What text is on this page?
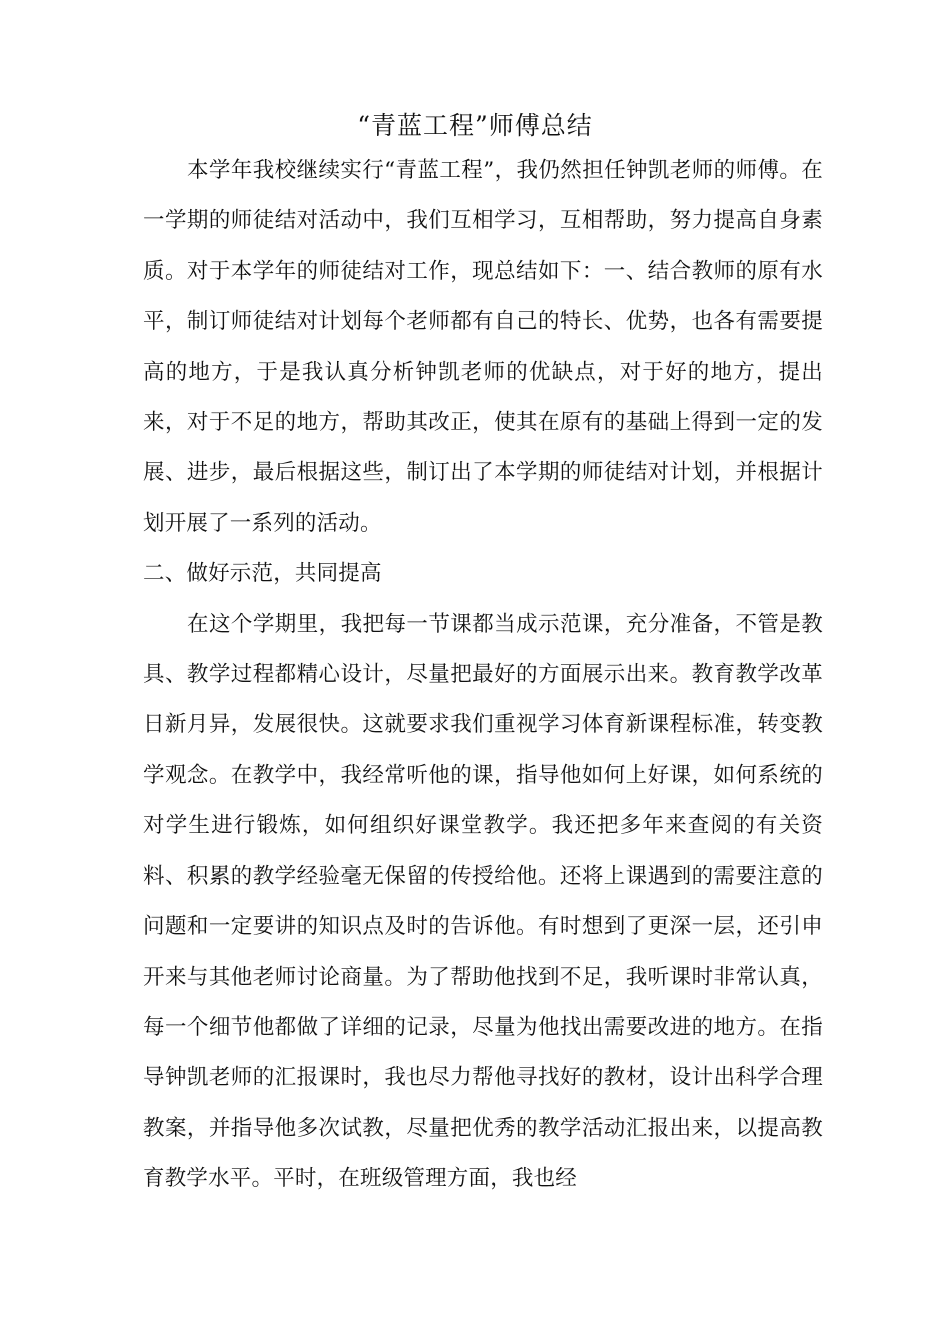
“青蓝工程”师傅总结

本学年我校继续实行“青蓝工程”，我仍然担任钟凯老师的师傅。在一学期的师徒结对活动中，我们互相学习，互相帮助，努力提高自身素质。对于本学年的师徒结对工作，现总结如下：一、结合教师的原有水平，制订师徒结对计划每个老师都有自己的特长、优势，也各有需要提高的地方，于是我认真分析钟凯老师的优缺点，对于好的地方，提出来，对于不足的地方，帮助其改正，使其在原有的基础上得到一定的发展、进步，最后根据这些，制订出了本学期的师徒结对计划，并根据计划开展了一系列的活动。

二、做好示范，共同提高

在这个学期里，我把每一节课都当成示范课，充分准备，不管是教具、教学过程都精心设计，尽量把最好的方面展示出来。教育教学改革日新月异，发展很快。这就要求我们重视学习体育新课程标准，转变教学观念。在教学中，我经常听他的课，指导他如何上好课，如何系统的对学生进行锻炼，如何组织好课堂教学。我还把多年来查阅的有关资料、积累的教学经验毫无保留的传授给他。还将上课遇到的需要注意的问题和一定要讲的知识点及时的告诉他。有时想到了更深一层，还引申开来与其他老师讨论商量。为了帮助他找到不足，我听课时非常认真，每一个细节他都做了详细的记录，尽量为他找出需要改进的地方。在指导钟凯老师的汇报课时，我也尽力帮他寻找好的教材，设计出科学合理教案，并指导他多次试教，尽量把优秀的教学活动汇报出来，以提高教育教学水平。平时，在班级管理方面，我也经
